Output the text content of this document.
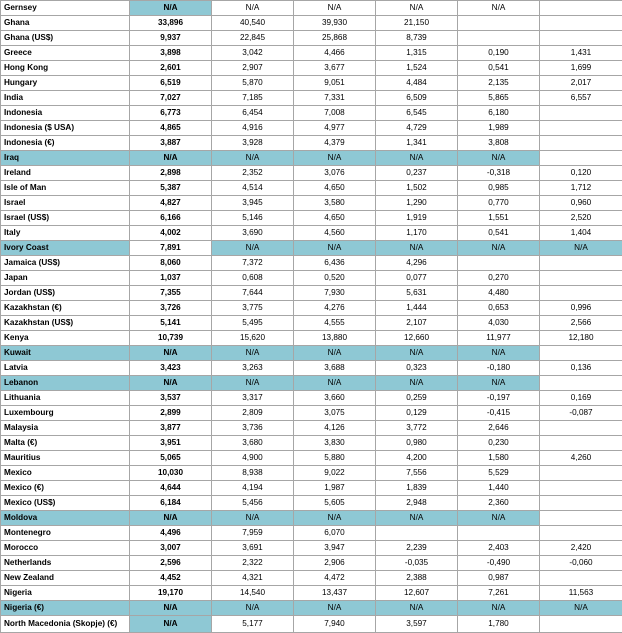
Gernsey	N/A	N/A	N/A	N/A	N/A	
Ghana	33,896	40,540	39,930	21,150		
Ghana (US$)	9,937	22,845	25,868	8,739		
Greece	3,898	3,042	4,466	1,315	0,190	1,431
Hong Kong	2,601	2,907	3,677	1,524	0,541	1,699
Hungary	6,519	5,870	9,051	4,484	2,135	2,017
India	7,027	7,185	7,331	6,509	5,865	6,557
Indonesia	6,773	6,454	7,008	6,545	6,180	
Indonesia ($ USA)	4,865	4,916	4,977	4,729	1,989	
Indonesia (€)	3,887	3,928	4,379	1,341	3,808	
Iraq	N/A	N/A	N/A	N/A	N/A	
Ireland	2,898	2,352	3,076	0,237	-0,318	0,120
Isle of Man	5,387	4,514	4,650	1,502	0,985	1,712
Israel	4,827	3,945	3,580	1,290	0,770	0,960
Israel (US$)	6,166	5,146	4,650	1,919	1,551	2,520
Italy	4,002	3,690	4,560	1,170	0,541	1,404
Ivory Coast	7,891	N/A	N/A	N/A	N/A	N/A
Jamaica (US$)	8,060	7,372	6,436	4,296		
Japan	1,037	0,608	0,520	0,077	0,270	
Jordan (US$)	7,355	7,644	7,930	5,631	4,480	
Kazakhstan (€)	3,726	3,775	4,276	1,444	0,653	0,996
Kazakhstan (US$)	5,141	5,495	4,555	2,107	4,030	2,566
Kenya	10,739	15,620	13,880	12,660	11,977	12,180
Kuwait	N/A	N/A	N/A	N/A	N/A	
Latvia	3,423	3,263	3,688	0,323	-0,180	0,136
Lebanon	N/A	N/A	N/A	N/A	N/A	
Lithuania	3,537	3,317	3,660	0,259	-0,197	0,169
Luxembourg	2,899	2,809	3,075	0,129	-0,415	-0,087
Malaysia	3,877	3,736	4,126	3,772	2,646	
Malta (€)	3,951	3,680	3,830	0,980	0,230	
Mauritius	5,065	4,900	5,880	4,200	1,580	4,260
Mexico	10,030	8,938	9,022	7,556	5,529	
Mexico (€)	4,644	4,194	1,987	1,839	1,440	
Mexico (US$)	6,184	5,456	5,605	2,948	2,360	
Moldova	N/A	N/A	N/A	N/A	N/A	
Montenegro	4,496	7,959	6,070			
Morocco	3,007	3,691	3,947	2,239	2,403	2,420
Netherlands	2,596	2,322	2,906	-0,035	-0,490	-0,060
New Zealand	4,452	4,321	4,472	2,388	0,987	
Nigeria	19,170	14,540	13,437	12,607	7,261	11,563
Nigeria (€)	N/A	N/A	N/A	N/A	N/A	N/A
North Macedonia (Skopje) (€)	N/A	5,177	7,940	3,597	1,780	
